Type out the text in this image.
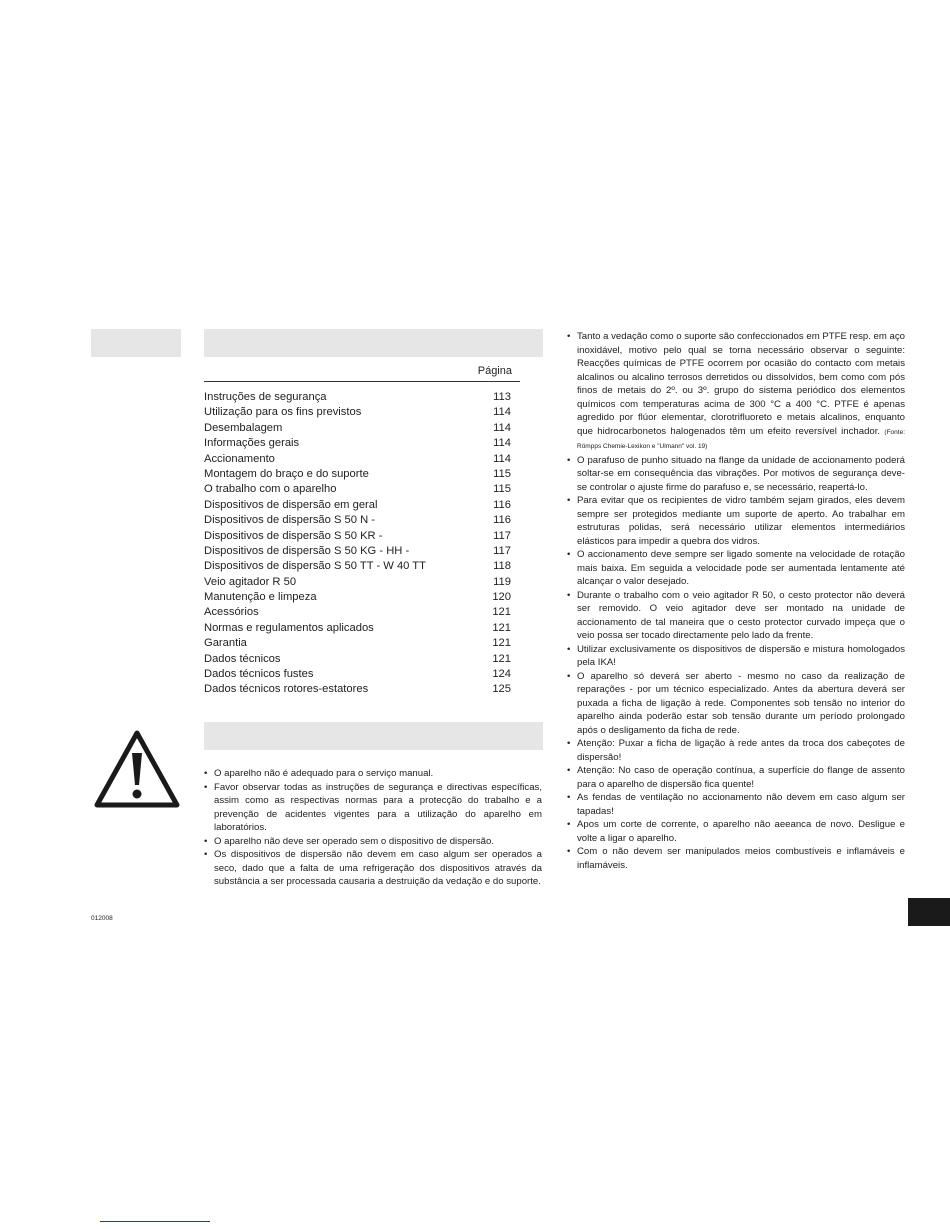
Página
Instruções de segurança	113
Utilização para os fins previstos	114
Desembalagem	114
Informações gerais	114
Accionamento	114
Montagem do braço e do suporte	115
O trabalho com o aparelho	115
Dispositivos de dispersão em geral	116
Dispositivos de dispersão S 50 N -	116
Dispositivos de dispersão S 50 KR -	117
Dispositivos de dispersão S 50 KG - HH -	117
Dispositivos de dispersão S 50 TT - W 40 TT	118
Veio agitador R 50	119
Manutenção e limpeza	120
Acessórios	121
Normas e regulamentos aplicados	121
Garantia	121
Dados técnicos	121
Dados técnicos fustes	124
Dados técnicos rotores-estatores	125
• O aparelho não é adequado para o serviço manual.
• Favor observar todas as instruções de segurança e directivas específicas, assim como as respectivas normas para a protecção do trabalho e a prevenção de acidentes vigentes para a utilização do aparelho em laboratórios.
• O aparelho não deve ser operado sem o dispositivo de dispersão.
• Os dispositivos de dispersão não devem em caso algum ser operados a seco, dado que a falta de uma refrigeração dos dispositivos através da substância a ser processada causaria a destruição da vedação e do suporte.
• Tanto a vedação como o suporte são confeccionados em PTFE resp. em aço inoxidável, motivo pelo qual se torna necessário observar o seguinte: Reacções químicas de PTFE ocorrem por ocasião do contacto com metais alcalinos ou alcalino terrosos derretidos ou dissolvidos, bem como com pós finos de metais do 2º. ou 3º. grupo do sistema periódico dos elementos químicos com temperaturas acima de 300 °C a 400 °C. PTFE é apenas agredido por flúor elementar, clorotrifluoreto e metais alcalinos, enquanto que hidrocarbonetos halogenados têm um efeito reversível inchador. (Fonte: Römpps Chemie-Lexikon e "Ulmann" vol. 19)
• O parafuso de punho situado na flange da unidade de accionamento poderá soltar-se em consequência das vibrações. Por motivos de segurança deve-se controlar o ajuste firme do parafuso e, se necessário, reapertá-lo.
• Para evitar que os recipientes de vidro também sejam girados, eles devem sempre ser protegidos mediante um suporte de aperto. Ao trabalhar em estruturas polidas, será necessário utilizar elementos intermediários elásticos para impedir a quebra dos vidros.
• O accionamento deve sempre ser ligado somente na velocidade de rotação mais baixa. Em seguida a velocidade pode ser aumentada lentamente até alcançar o valor desejado.
• Durante o trabalho com o veio agitador R 50, o cesto protector não deverá ser removido. O veio agitador deve ser montado na unidade de accionamento de tal maneira que o cesto protector curvado impeça que o veio possa ser tocado directamente pelo lado da frente.
• Utilizar exclusivamente os dispositivos de dispersão e mistura homologados pela IKA!
• O aparelho só deverá ser aberto - mesmo no caso da realização de reparações - por um técnico especializado. Antes da abertura deverá ser puxada a ficha de ligação à rede. Componentes sob tensão no interior do aparelho ainda poderão estar sob tensão durante um período prolongado após o desligamento da ficha de rede.
• Atenção: Puxar a ficha de ligação à rede antes da troca dos cabeçotes de dispersão!
• Atenção: No caso de operação contínua, a superfície do flange de assento para o aparelho de dispersão fica quente!
• As fendas de ventilação no accionamento não devem em caso algum ser tapadas!
• Apos um corte de corrente, o aparelho não aeeanca de novo. Desligue e volte a ligar o aparelho.
• Com o não devem ser manipulados meios combustíveis e inflamáveis e inflamáveis.
012008
